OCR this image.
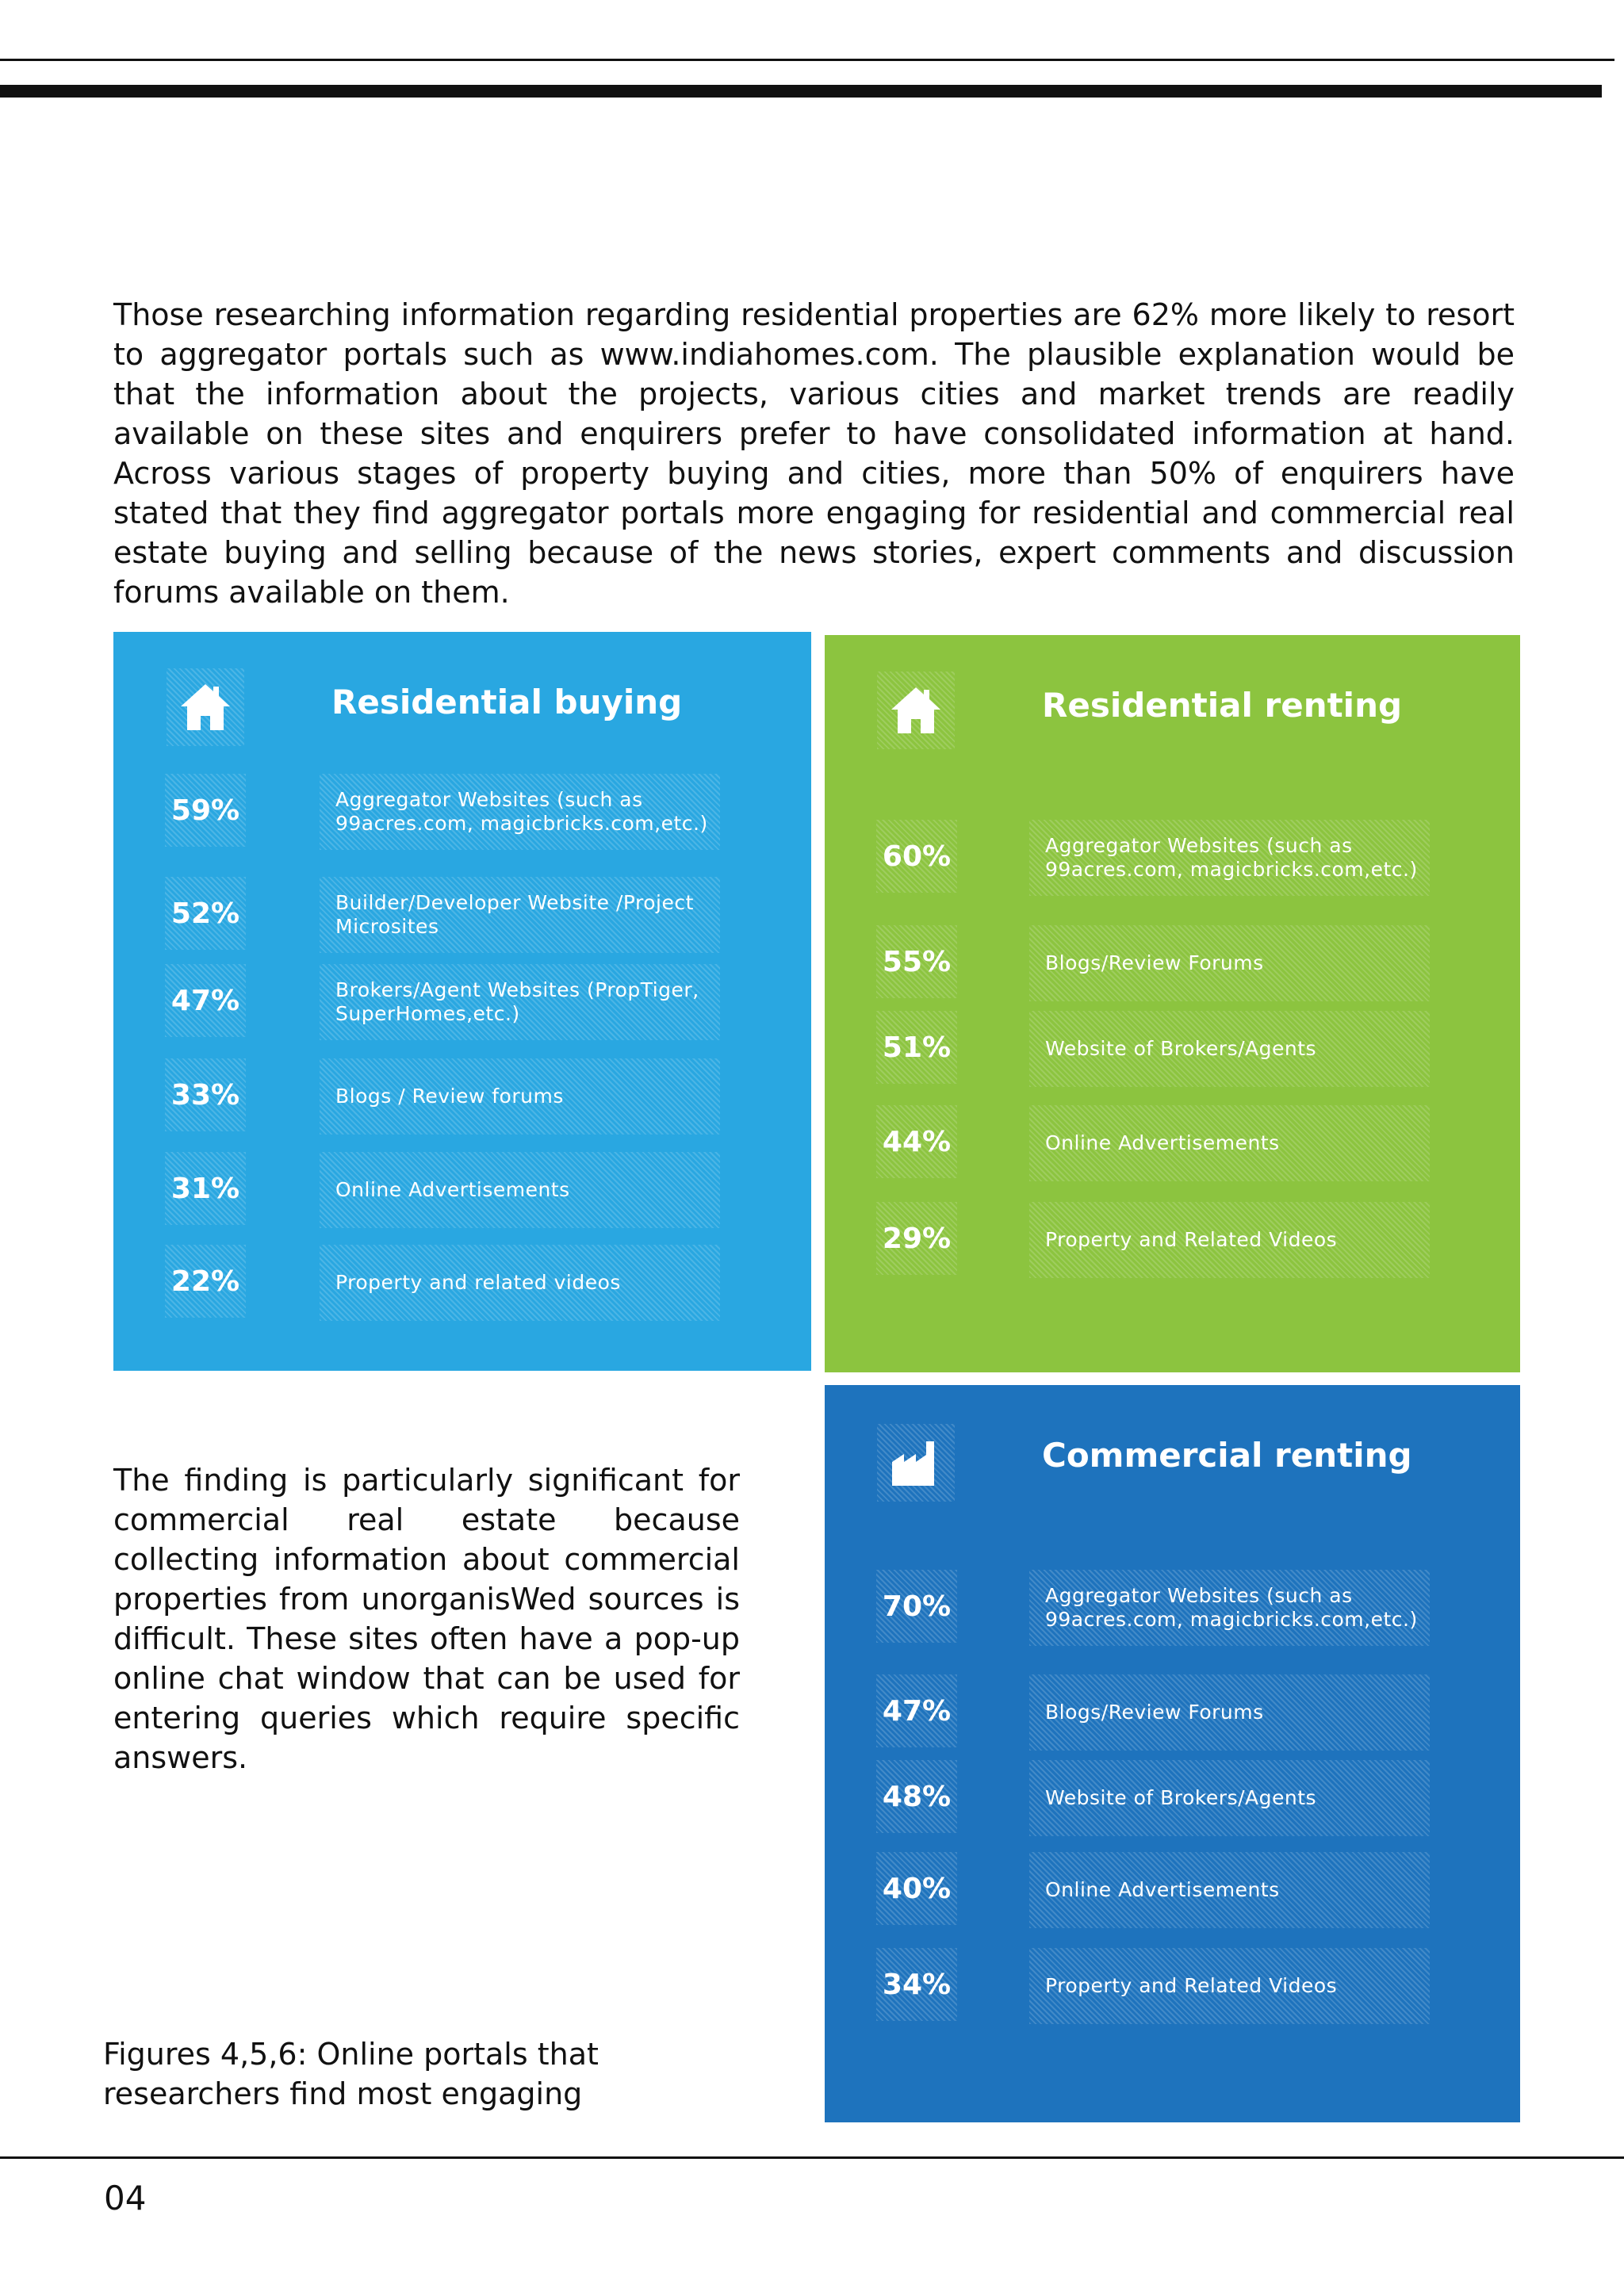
Those researching information regarding residential properties are 62% more likely to resort to aggregator portals such as www.indiahomes.com. The plausible explanation would be that the information about the projects, various cities and market trends are readily available on these sites and enquirers prefer to have consolidated information at hand. Across various stages of property buying and cities, more than 50% of enquirers have stated that they find aggregator portals more engaging for residential and commercial real estate buying and selling because of the news stories, expert comments and discussion forums available on them.

Residential buying
59%	Aggregator Websites (such as 99acres.com, magicbricks.com,etc.)
52%	Builder/Developer Website /Project Microsites
47%	Brokers/Agent Websites (PropTiger, SuperHomes,etc.)
33%	Blogs / Review forums
31%	Online Advertisements
22%	Property and related videos
Residential renting
60%	Aggregator Websites (such as 99acres.com, magicbricks.com,etc.)
55%	Blogs/Review Forums
51%	Website of Brokers/Agents
44%	Online Advertisements
29%	Property and Related Videos
Commercial renting
70%	Aggregator Websites (such as 99acres.com, magicbricks.com,etc.)
47%	Blogs/Review Forums
48%	Website of Brokers/Agents
40%	Online Advertisements
34%	Property and Related Videos

The finding is particularly significant for commercial real estate because collecting information about commercial properties from unorganisWed sources is difficult. These sites often have a pop-up online chat window that can be used for entering queries which require specific answers.

Figures 4,5,6: Online portals that researchers find most engaging

04
